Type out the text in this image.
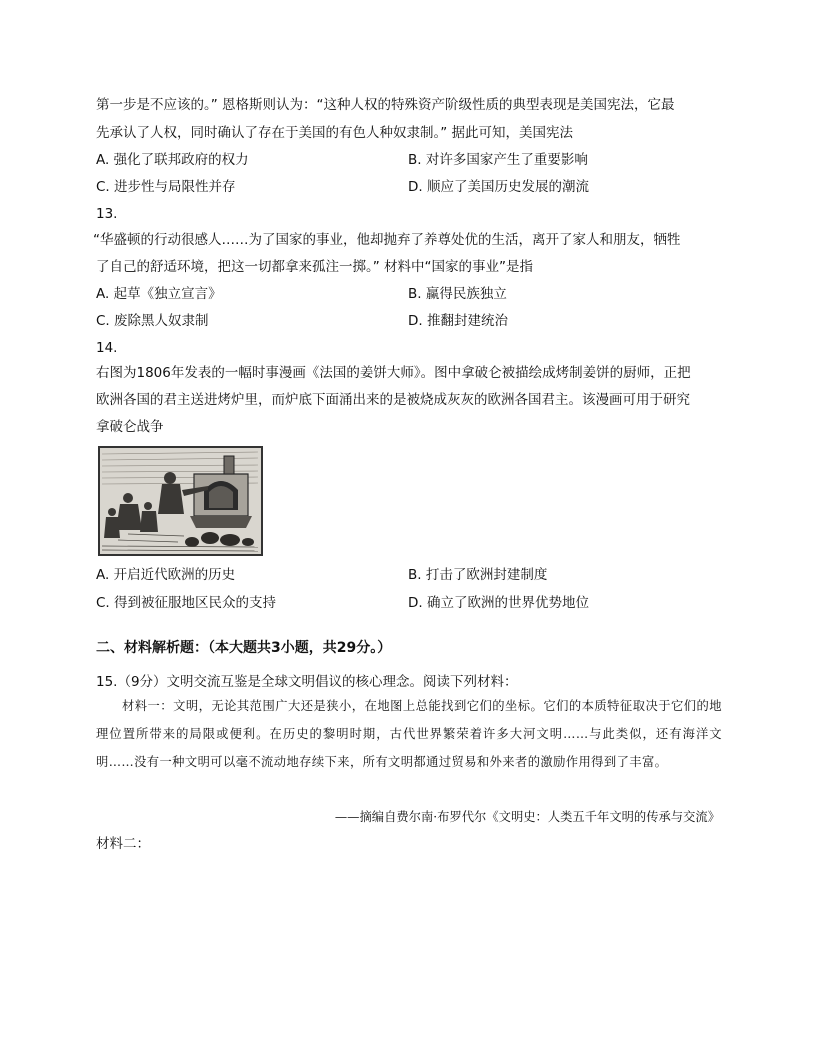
第一步是不应该的。” 恩格斯则认为：“这种人权的特殊资产阶级性质的典型表现是美国宪法，它最
先承认了人权，同时确认了存在于美国的有色人种奴隶制。” 据此可知，美国宪法
A. 强化了联邦政府的权力	B. 对许多国家产生了重要影响
C. 进步性与局限性并存	D. 顺应了美国历史发展的潮流
13.
“华盛顿的行动很感人……为了国家的事业，他却抛弃了养尊处优的生活，离开了家人和朋友，牺牲
了自己的舒适环境，把这一切都拿来孤注一掷。” 材料中“国家的事业”是指
A. 起草《独立宣言》	B. 赢得民族独立
C. 废除黑人奴隶制	D. 推翻封建统治
14.
右图为1806年发表的一幅时事漫画《法国的姜饼大师》。图中拿破仑被描绘成烤制姜饼的厨师，正把
欧洲各国的君主送进烤炉里，而炉底下面涌出来的是被烧成灰灰的欧洲各国君主。该漫画可用于研究
拿破仑战争
A. 开启近代欧洲的历史	B. 打击了欧洲封建制度
C. 得到被征服地区民众的支持	D. 确立了欧洲的世界优势地位
二、材料解析题：（本大题共3小题，共29分。）
15.（9分）文明交流互鉴是全球文明倡议的核心理念。阅读下列材料：
材料一：文明，无论其范围广大还是狭小，在地图上总能找到它们的坐标。它们的本质特征取决于它们的地理位置所带来的局限或便利。在历史的黎明时期，古代世界繁荣着许多大河文明……与此类似，还有海洋文明……没有一种文明可以毫不流动地存续下来，所有文明都通过贸易和外来者的激励作用得到了丰富。
——摘编自费尔南·布罗代尔《文明史：人类五千年文明的传承与交流》
材料二：
